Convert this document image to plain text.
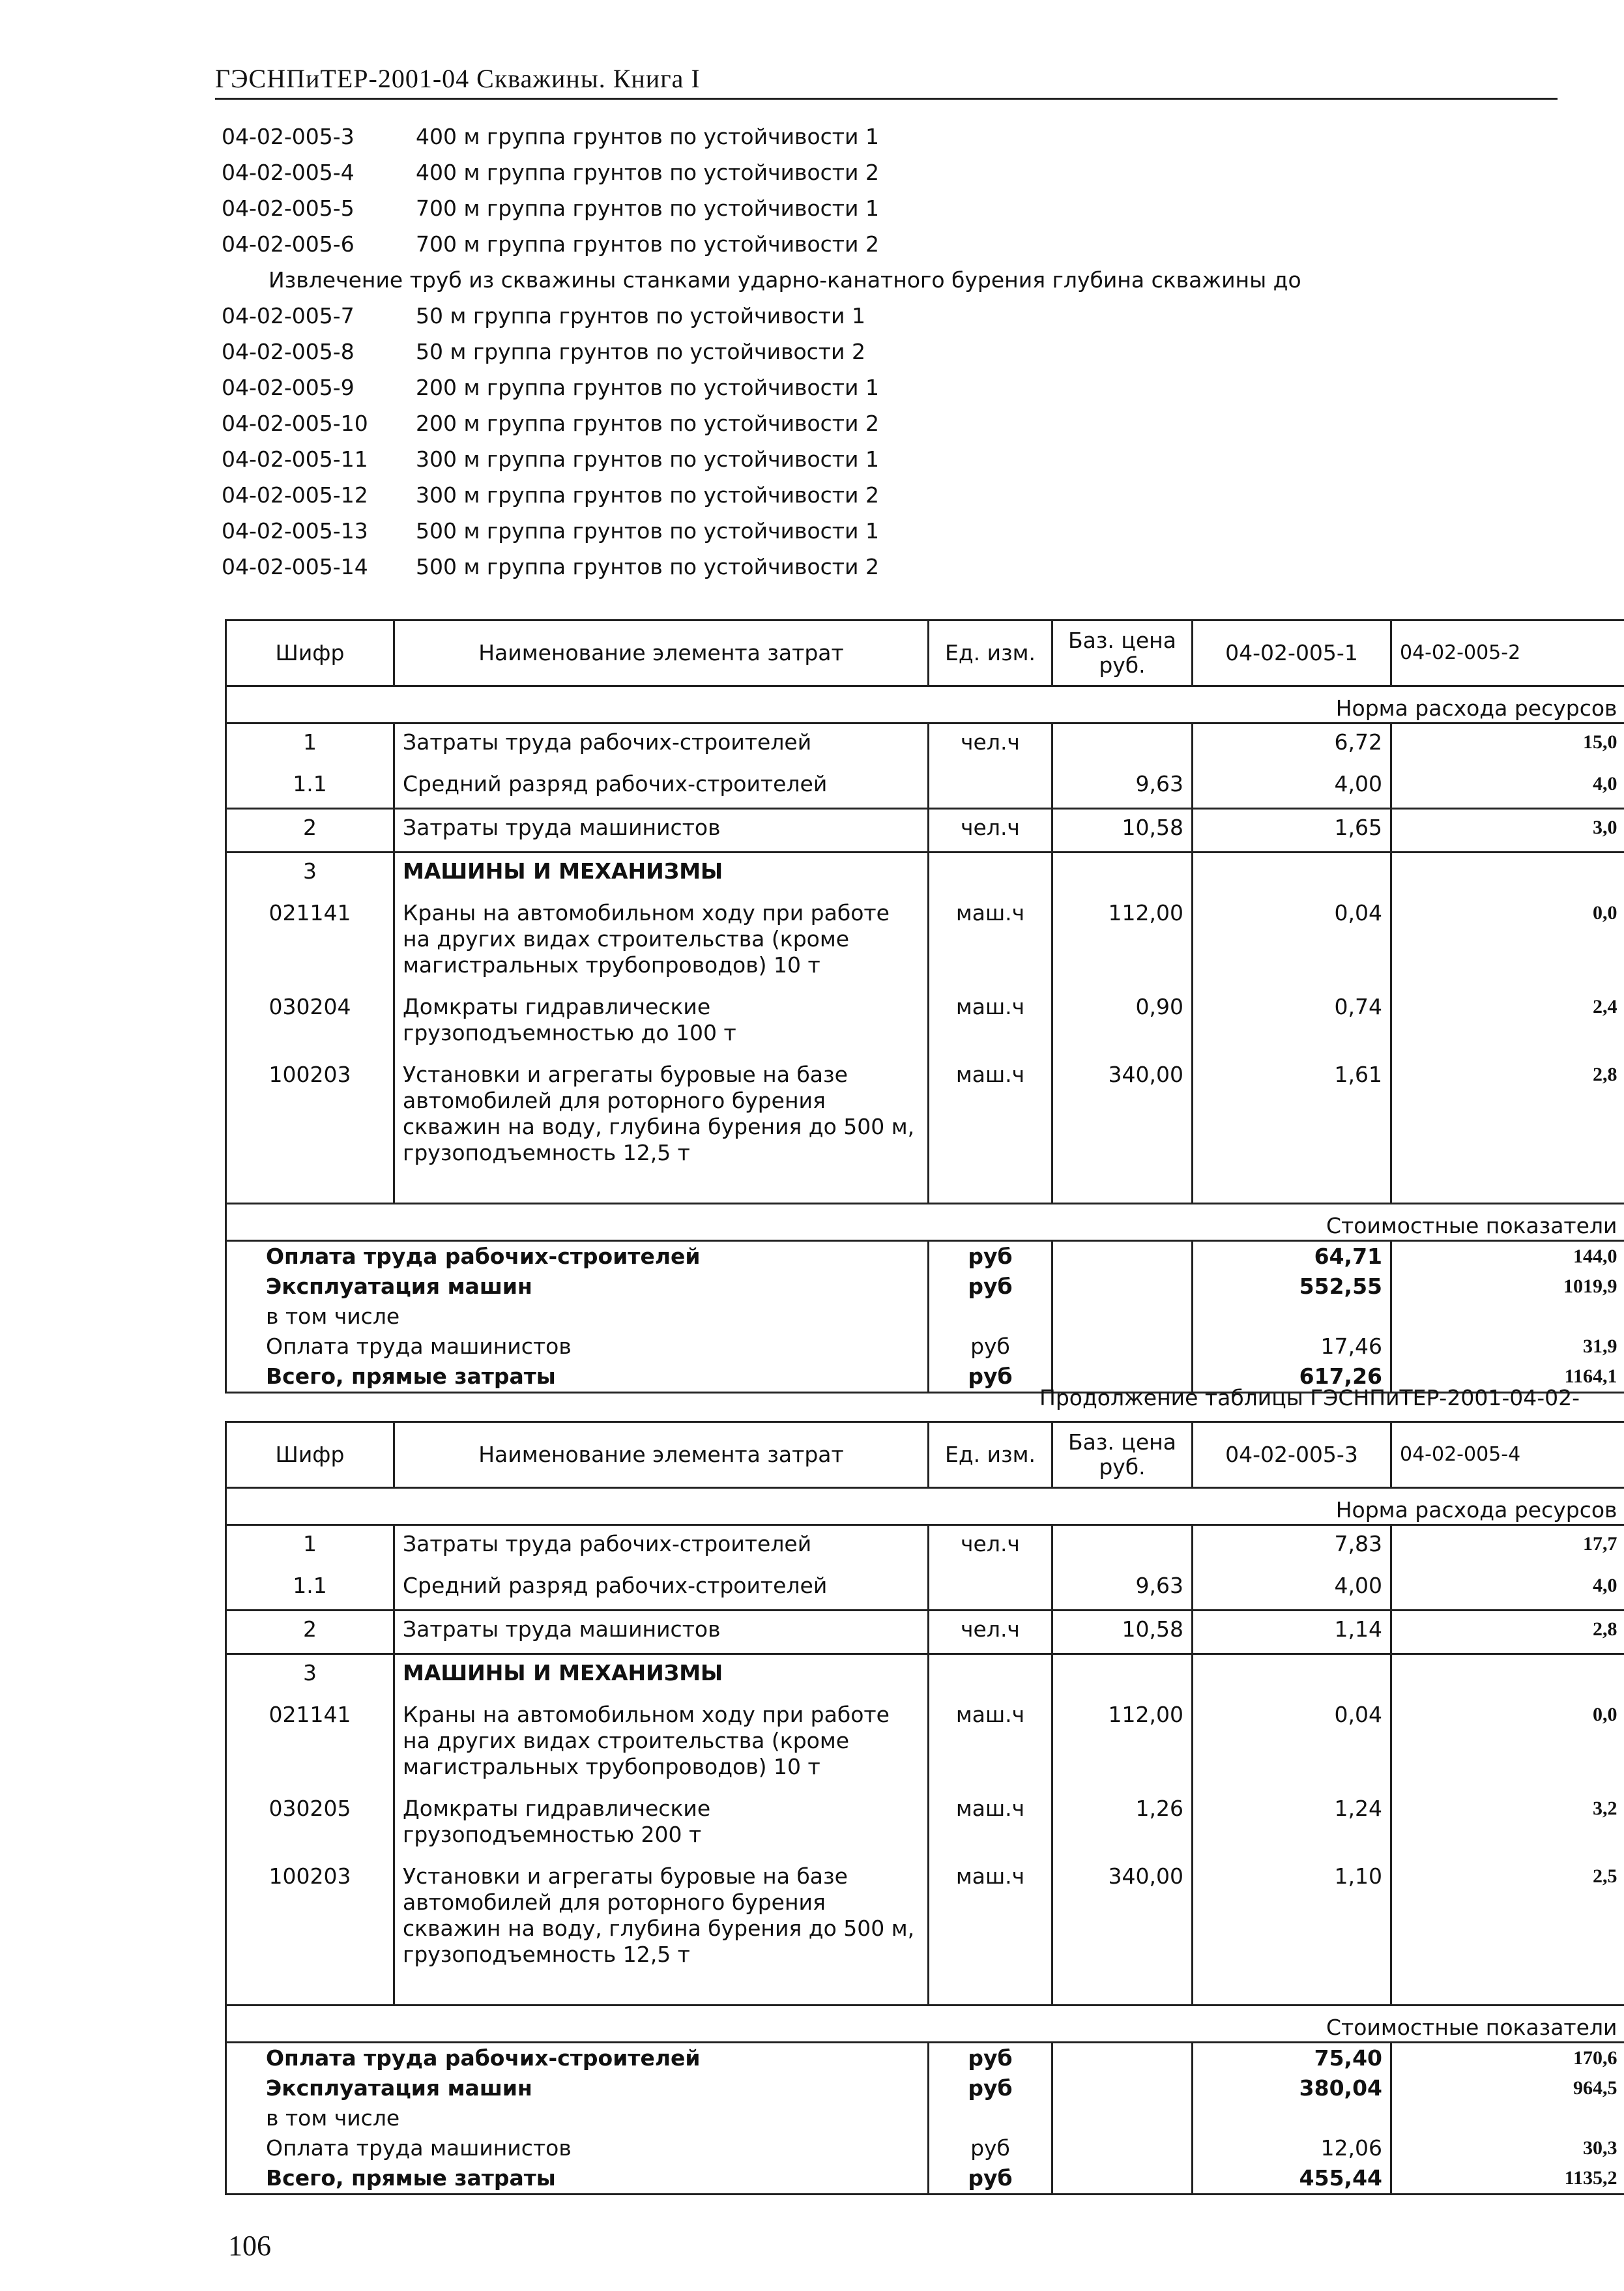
ГЭСНПиТЕР-2001-04 Скважины. Книга I
04-02-005-3	400 м группа грунтов по устойчивости 1
04-02-005-4	400 м группа грунтов по устойчивости 2
04-02-005-5	700 м группа грунтов по устойчивости 1
04-02-005-6	700 м группа грунтов по устойчивости 2
Извлечение труб из скважины станками ударно-канатного бурения глубина скважины до
04-02-005-7	50 м группа грунтов по устойчивости 1
04-02-005-8	50 м группа грунтов по устойчивости 2
04-02-005-9	200 м группа грунтов по устойчивости 1
04-02-005-10 200 м группа грунтов по устойчивости 2
04-02-005-11 300 м группа грунтов по устойчивости 1
04-02-005-12 300 м группа грунтов по устойчивости 2
04-02-005-13 500 м группа грунтов по устойчивости 1
04-02-005-14 500 м группа грунтов по устойчивости 2
Шифр	Наименование элемента затрат	Ед. изм.	Баз. цена руб.	04-02-005-1	04-02-005-2
Норма расхода ресурсов					
1	Затраты труда рабочих-строителей	чел.ч		6,72	15,0
1.1	Средний разряд рабочих-строителей		9,63	4,00	4,0
2	Затраты труда машинистов	чел.ч	10,58	1,65	3,0
3	МАШИНЫ И МЕХАНИЗМЫ				
021141	Краны на автомобильном ходу при работе на других видах строительства (кроме магистральных трубопроводов) 10 т	маш.ч	112,00	0,04	0,0
030204	Домкраты гидравлические грузоподъемностью до 100 т	маш.ч	0,90	0,74	2,4
100203	Установки и агрегаты буровые на базе автомобилей для роторного бурения скважин на воду, глубина бурения до 500 м, грузоподъемность 12,5 т	маш.ч	340,00	1,61	2,8

Стоимостные показатели					
Оплата труда рабочих-строителей		руб		64,71	144,0
Эксплуатация машин		руб		552,55	1019,9
в том числе					
Оплата труда машинистов		руб		17,46	31,9
Всего, прямые затраты		руб		617,26	1164,1
Продолжение таблицы ГЭСНПиТЕР-2001-04-02-
Шифр	Наименование элемента затрат	Ед. изм.	Баз. цена руб.	04-02-005-3	04-02-005-4
Норма расхода ресурсов					
1	Затраты труда рабочих-строителей	чел.ч		7,83	17,7
1.1	Средний разряд рабочих-строителей		9,63	4,00	4,0
2	Затраты труда машинистов	чел.ч	10,58	1,14	2,8
3	МАШИНЫ И МЕХАНИЗМЫ				
021141	Краны на автомобильном ходу при работе на других видах строительства (кроме магистральных трубопроводов) 10 т	маш.ч	112,00	0,04	0,0
030205	Домкраты гидравлические грузоподъемностью 200 т	маш.ч	1,26	1,24	3,2
100203	Установки и агрегаты буровые на базе автомобилей для роторного бурения скважин на воду, глубина бурения до 500 м, грузоподъемность 12,5 т	маш.ч	340,00	1,10	2,5

Стоимостные показатели					
Оплата труда рабочих-строителей		руб		75,40	170,6
Эксплуатация машин		руб		380,04	964,5
в том числе					
Оплата труда машинистов		руб		12,06	30,3
Всего, прямые затраты		руб		455,44	1135,2
106
